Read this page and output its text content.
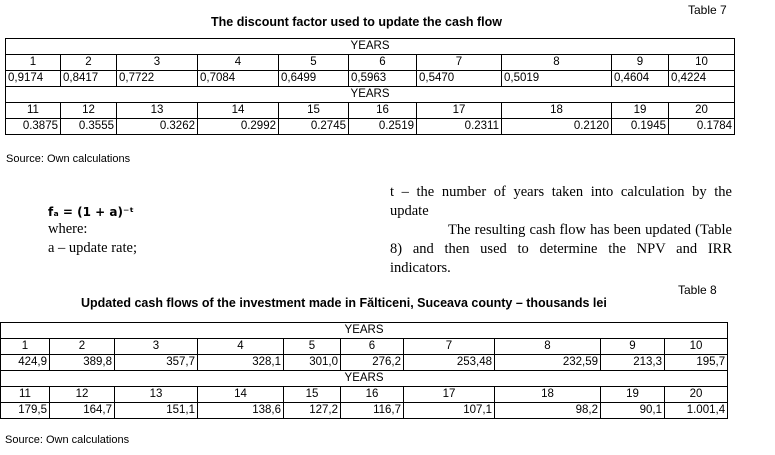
Table 7
The discount factor used to update the cash flow
YEARS									
1	2	3	4	5	6	7	8	9	10
0,9174	0,8417	0,7722	0,7084	0,6499	0,5963	0,5470	0,5019	0,4604	0,4224
YEARS									
11	12	13	14	15	16	17	18	19	20
0.3875	0.3555	0.3262	0.2992	0.2745	0.2519	0.2311	0.2120	0.1945	0.1784
Source: Own calculations
fₐ = (1 + a)⁻ᵗ
where:
a – update rate;
t – the number of years taken into calculation by the update
The resulting cash flow has been updated (Table 8) and then used to determine the NPV and IRR indicators.
Table 8
Updated cash flows of the investment made in Fălticeni, Suceava county – thousands lei
YEARS									
1	2	3	4	5	6	7	8	9	10
424,9	389,8	357,7	328,1	301,0	276,2	253,48	232,59	213,3	195,7
YEARS									
11	12	13	14	15	16	17	18	19	20
179,5	164,7	151,1	138,6	127,2	116,7	107,1	98,2	90,1	1.001,4
Source: Own calculations
